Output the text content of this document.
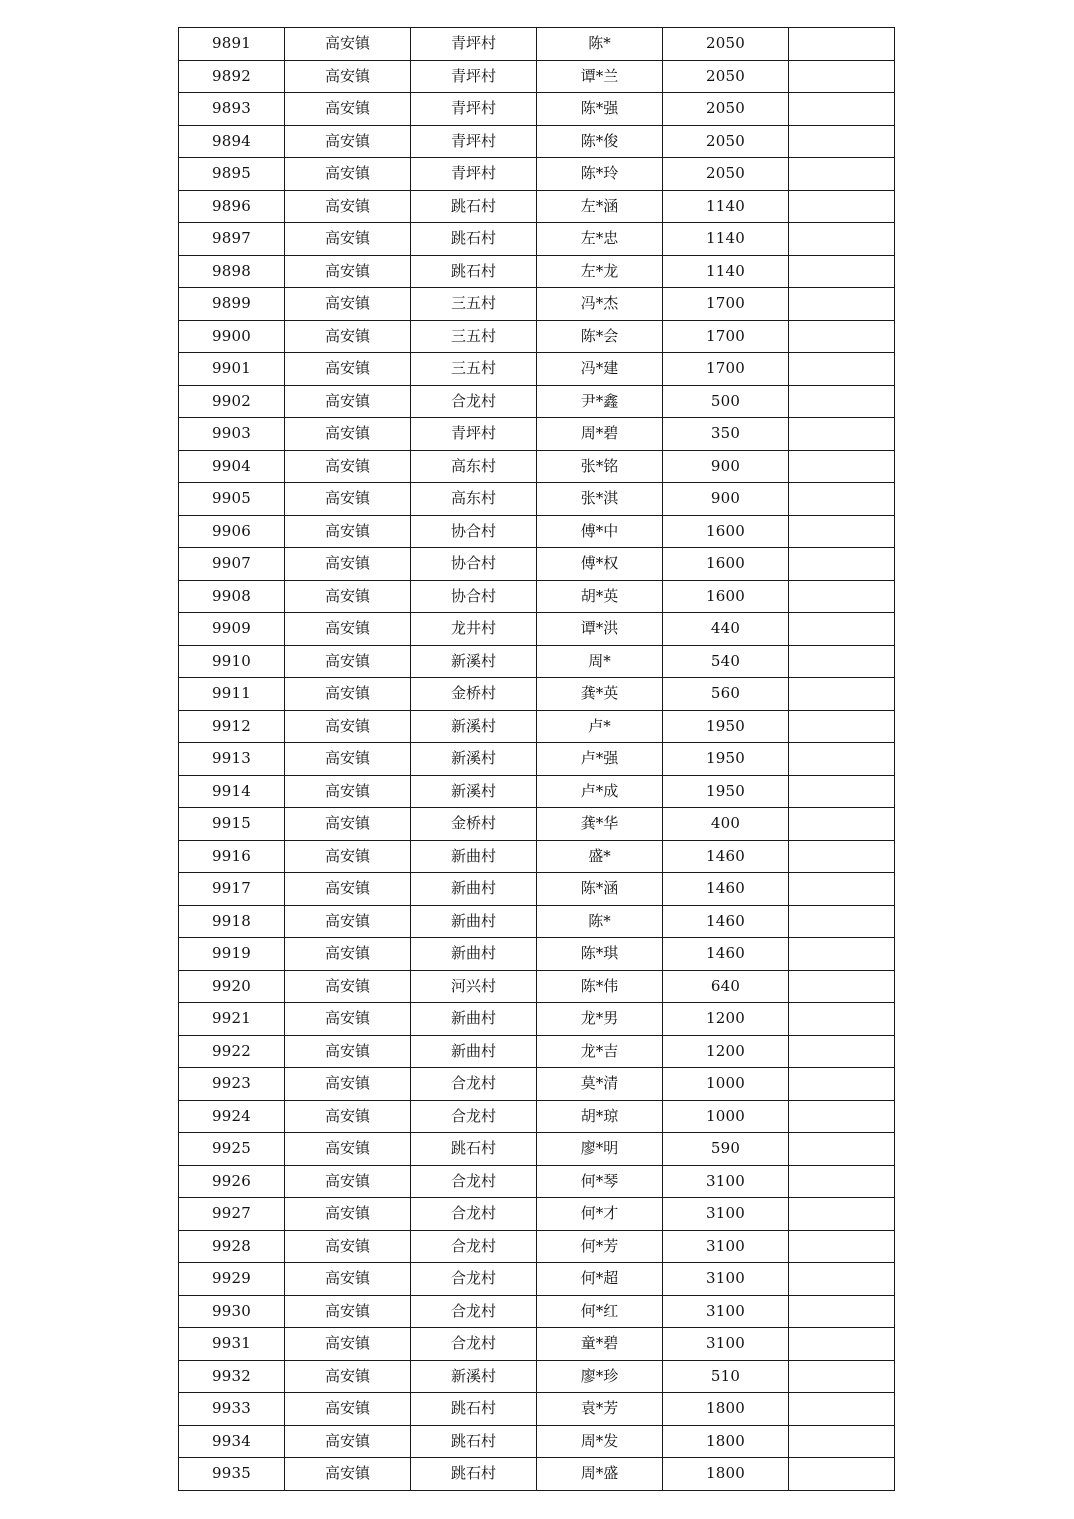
9891	高安镇	青坪村	陈*	2050	
9892	高安镇	青坪村	谭*兰	2050	
9893	高安镇	青坪村	陈*强	2050	
9894	高安镇	青坪村	陈*俊	2050	
9895	高安镇	青坪村	陈*玲	2050	
9896	高安镇	跳石村	左*涵	1140	
9897	高安镇	跳石村	左*忠	1140	
9898	高安镇	跳石村	左*龙	1140	
9899	高安镇	三五村	冯*杰	1700	
9900	高安镇	三五村	陈*会	1700	
9901	高安镇	三五村	冯*建	1700	
9902	高安镇	合龙村	尹*鑫	500	
9903	高安镇	青坪村	周*碧	350	
9904	高安镇	高东村	张*铭	900	
9905	高安镇	高东村	张*淇	900	
9906	高安镇	协合村	傅*中	1600	
9907	高安镇	协合村	傅*权	1600	
9908	高安镇	协合村	胡*英	1600	
9909	高安镇	龙井村	谭*洪	440	
9910	高安镇	新溪村	周*	540	
9911	高安镇	金桥村	龚*英	560	
9912	高安镇	新溪村	卢*	1950	
9913	高安镇	新溪村	卢*强	1950	
9914	高安镇	新溪村	卢*成	1950	
9915	高安镇	金桥村	龚*华	400	
9916	高安镇	新曲村	盛*	1460	
9917	高安镇	新曲村	陈*涵	1460	
9918	高安镇	新曲村	陈*	1460	
9919	高安镇	新曲村	陈*琪	1460	
9920	高安镇	河兴村	陈*伟	640	
9921	高安镇	新曲村	龙*男	1200	
9922	高安镇	新曲村	龙*吉	1200	
9923	高安镇	合龙村	莫*清	1000	
9924	高安镇	合龙村	胡*琼	1000	
9925	高安镇	跳石村	廖*明	590	
9926	高安镇	合龙村	何*琴	3100	
9927	高安镇	合龙村	何*才	3100	
9928	高安镇	合龙村	何*芳	3100	
9929	高安镇	合龙村	何*超	3100	
9930	高安镇	合龙村	何*红	3100	
9931	高安镇	合龙村	童*碧	3100	
9932	高安镇	新溪村	廖*珍	510	
9933	高安镇	跳石村	袁*芳	1800	
9934	高安镇	跳石村	周*发	1800	
9935	高安镇	跳石村	周*盛	1800	
